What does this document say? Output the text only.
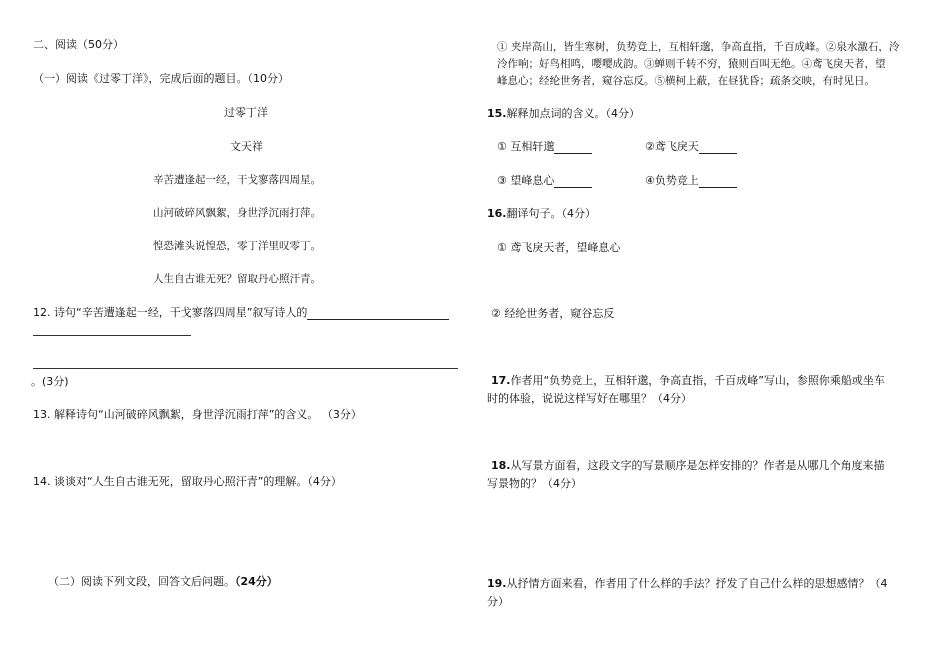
二、阅读（50分）
（一）阅读《过零丁洋》，完成后面的题目。（10分）
过零丁洋
文天祥
辛苦遭逢起一经，干戈寥落四周星。
山河破碎风飘絮，身世浮沉雨打萍。
惶恐滩头说惶恐，零丁洋里叹零丁。
人生自古谁无死？留取丹心照汗青。
12. 诗句“辛苦遭逢起一经，干戈寥落四周星”叙写诗人的
。(3分)
13. 解释诗句“山河破碎风飘絮，身世浮沉雨打萍”的含义。 （3分）
14. 谈谈对“人生自古谁无死，留取丹心照汗青”的理解。（4分）
（二）阅读下列文段，回答文后问题。（24分）
① 夹岸高山，皆生寒树，负势竞上，互相轩邈，争高直指，千百成峰。②泉水激石，泠
泠作响；好鸟相鸣，嘤嘤成韵。③蝉则千转不穷，猿则百叫无绝。④鸢飞戾天者，望
峰息心；经纶世务者，窥谷忘反。⑤横柯上蔽，在昼犹昏；疏条交映，有时见日。
15.解释加点词的含义。（4分）
① 互相轩邈	②鸢飞戾天
③ 望峰息心	④负势竞上
16.翻译句子。（4分）
① 鸢飞戾天者，望峰息心
② 经纶世务者，窥谷忘反
17.作者用“负势竞上，互相轩邈，争高直指，千百成峰”写山，参照你乘船或坐车
时的体验，说说这样写好在哪里？（4分）
18.从写景方面看，这段文字的写景顺序是怎样安排的？作者是从哪几个角度来描
写景物的？（4分）
19.从抒情方面来看，作者用了什么样的手法？抒发了自己什么样的思想感情？（4
分）
